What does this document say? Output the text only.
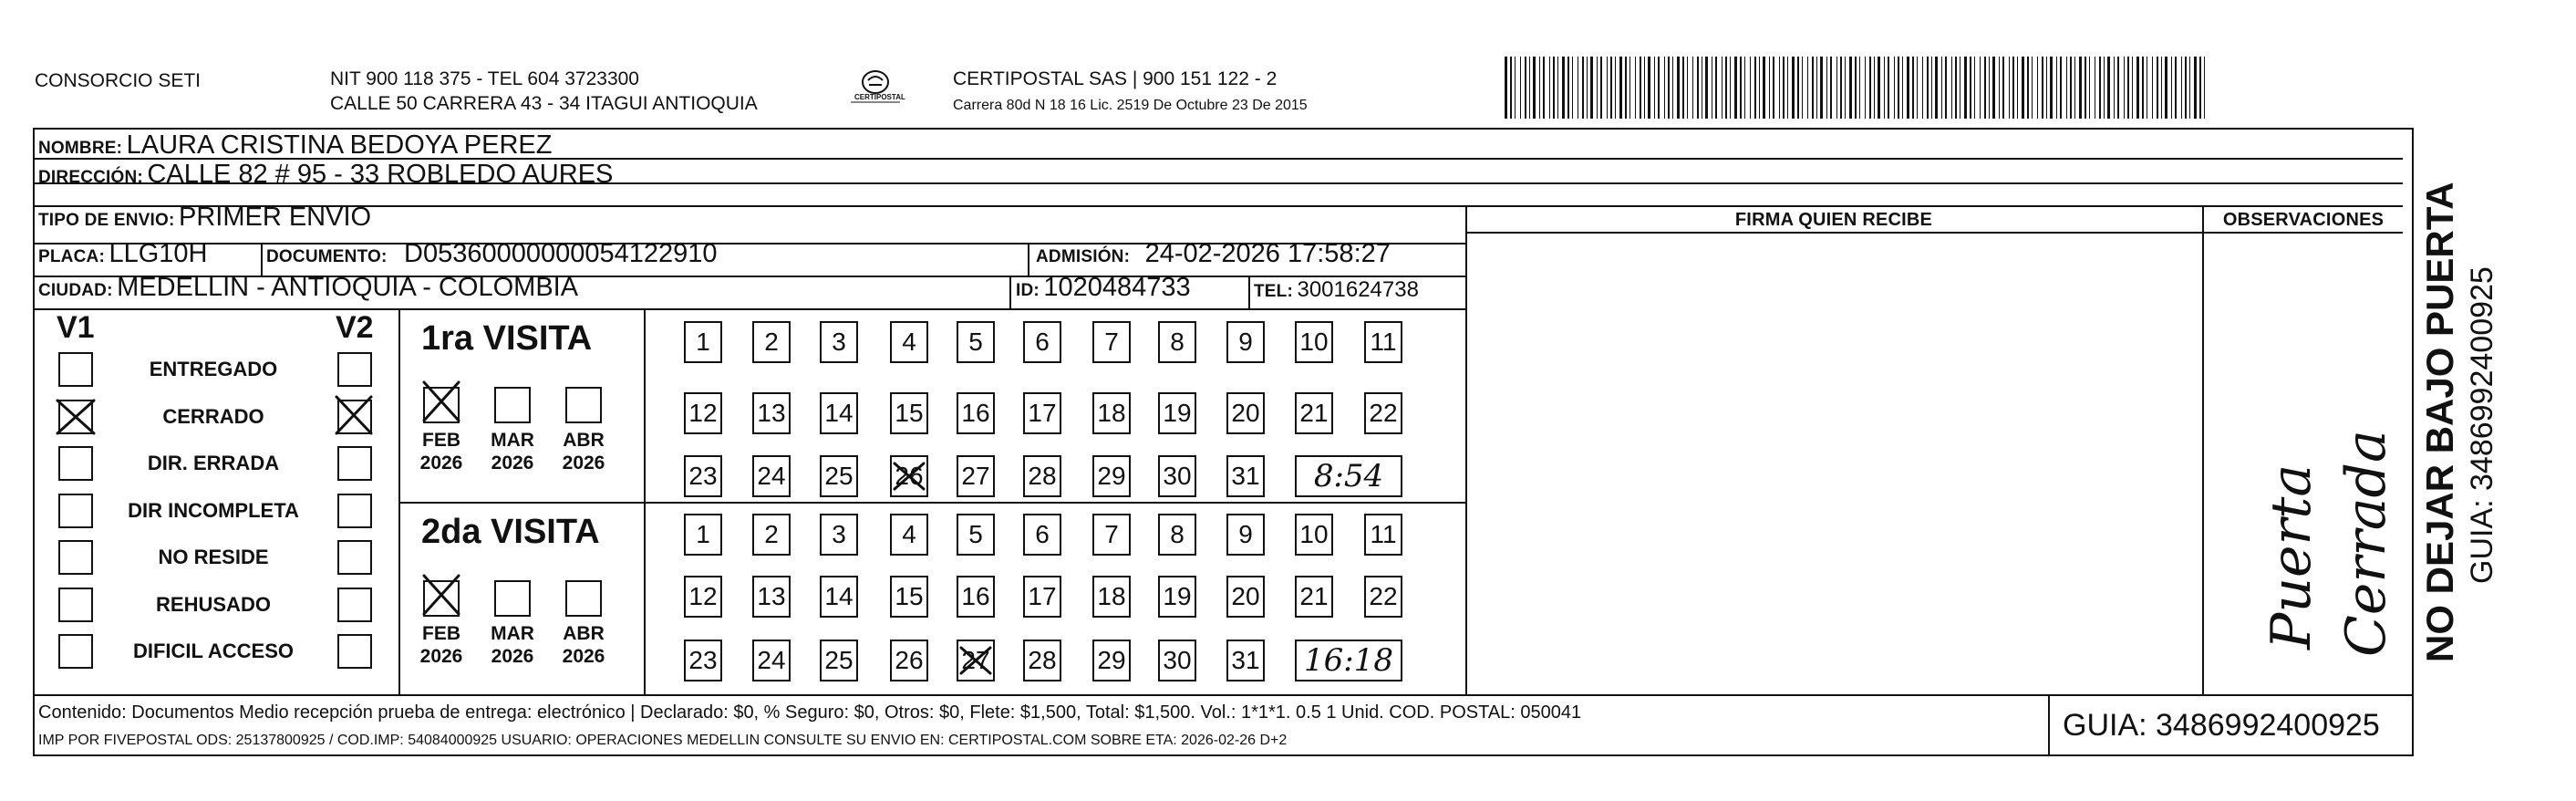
CONSORCIO SETI	NIT 900 118 375 - TEL 604 3723300
CALLE 50 CARRERA 43 - 34 ITAGUI ANTIOQUIA	CERTIPOSTAL
CERTIPOSTAL SAS | 900 151 122 - 2
Carrera 80d N 18 16 Lic. 2519 De Octubre 23 De 2015
NOMBRE: LAURA CRISTINA BEDOYA PEREZ
DIRECCIÓN: CALLE 82 # 95 - 33 ROBLEDO AURES
TIPO DE ENVIO: PRIMER ENVIO	FIRMA QUIEN RECIBE	OBSERVACIONES
PLACA: LLG10H	DOCUMENTO: D05360000000054122910	ADMISIÓN: 24-02-2026 17:58:27
CIUDAD: MEDELLIN - ANTIOQUIA - COLOMBIA	ID: 1020484733	TEL: 3001624738
V1	V2
ENTREGADO
CERRADO
DIR. ERRADA
DIR INCOMPLETA
NO RESIDE
REHUSADO
DIFICIL ACCESO
1ra VISITA
FEB
2026
MAR
2026
ABR
2026
1	2	3	4	5	6	7	8	9	10 11
12 13 14 15 16 17 18 19 20 21 22
23 24 25 26 27 28 29 30 31	8:54
2da VISITA
FEB
2026
MAR
2026
ABR
2026
1	2	3	4	5	6	7	8	9	10 11
12 13 14 15 16 17 18 19 20 21 22
23 24 25 26 27 28 29 30 31 16:18
Puerta Cerrada NO DEJAR BAJO PUERTA GUIA: 3486992400925
Contenido: Documentos Medio recepción prueba de entrega: electrónico | Declarado: $0, % Seguro: $0, Otros: $0, Flete: $1,500, Total: $1,500. Vol.: 1*1*1. 0.5 1 Unid. COD. POSTAL: 050041
IMP POR FIVEPOSTAL ODS: 25137800925 / COD.IMP: 54084000925 USUARIO: OPERACIONES MEDELLIN CONSULTE SU ENVIO EN: CERTIPOSTAL.COM SOBRE ETA: 2026-02-26 D+2	GUIA: 3486992400925
